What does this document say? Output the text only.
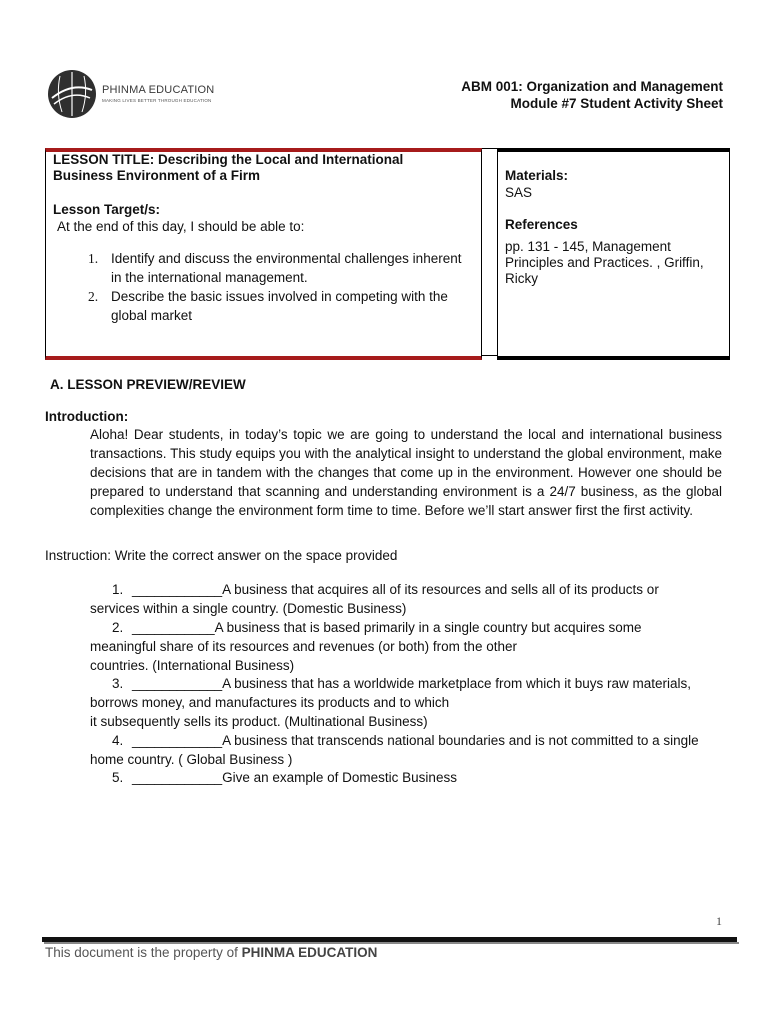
PHINMA EDUCATION
MAKING LIVES BETTER THROUGH EDUCATION
ABM 001: Organization and Management
Module #7 Student Activity Sheet
LESSON TITLE: Describing the Local and International
Business Environment of a Firm
Lesson Target/s:
At the end of this day, I should be able to:
1. Identify and discuss the environmental challenges inherent
in the international management.
2. Describe the basic issues involved in competing with the
global market
Materials:
SAS
References
pp. 131 - 145, Management
Principles and Practices. , Griffin,
Ricky
A. LESSON PREVIEW/REVIEW
Introduction:
Aloha! Dear students, in today’s topic we are going to understand the local and international business transactions. This study equips you with the analytical insight to understand the global environment, make decisions that are in tandem with the changes that come up in the environment. However one should be prepared to understand that scanning and understanding environment is a 24/7 business, as the global complexities change the environment form time to time. Before we’ll start answer first the first activity.
Instruction: Write the correct answer on the space provided
1. ____________A business that acquires all of its resources and sells all of its products or
services within a single country. (Domestic Business)
2. ___________A business that is based primarily in a single country but acquires some
meaningful share of its resources and revenues (or both) from the other
countries. (International Business)
3. ____________A business that has a worldwide marketplace from which it buys raw materials,
borrows money, and manufactures its products and to which
it subsequently sells its product. (Multinational Business)
4. ____________A business that transcends national boundaries and is not committed to a single
home country. ( Global Business )
5. ____________Give an example of Domestic Business
1
This document is the property of PHINMA EDUCATION
